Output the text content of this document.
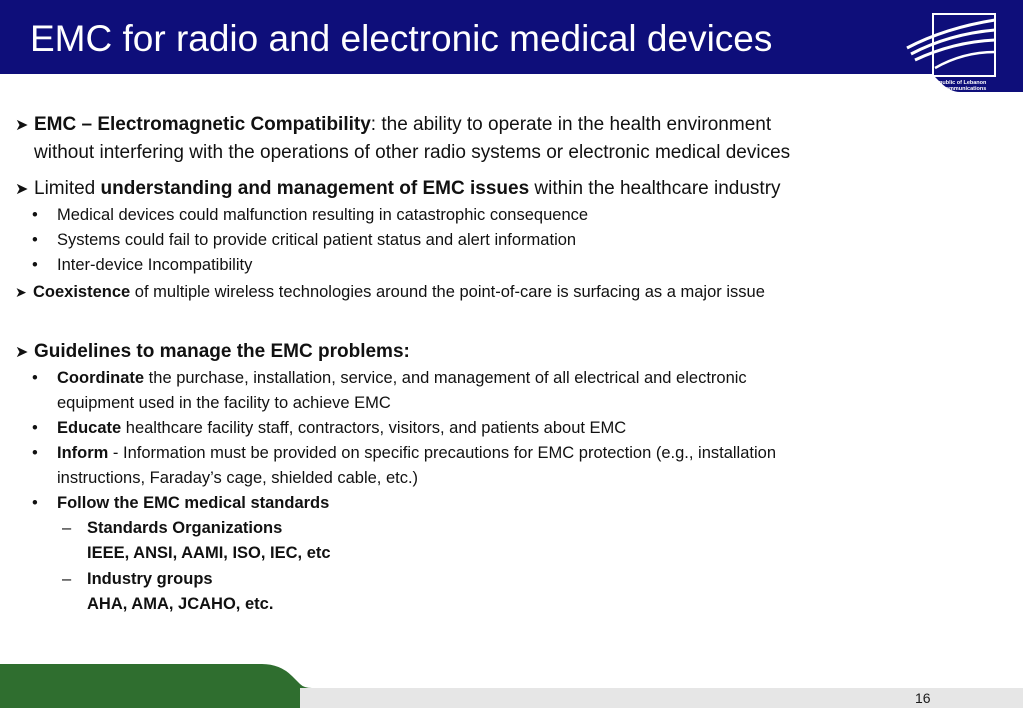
EMC for radio and electronic medical devices
Republic of Lebanon
Telecommunications
Regulatory Authority
➤ EMC – Electromagnetic Compatibility: the ability to operate in the health environment
without interfering with the operations of other radio systems or electronic medical devices
➤ Limited understanding and management of EMC issues within the healthcare industry
• Medical devices could malfunction resulting in catastrophic consequence
• Systems could fail to provide critical patient status and alert information
• Inter-device Incompatibility
➤ Coexistence of multiple wireless technologies around the point-of-care is surfacing as a major issue
➤ Guidelines to manage the EMC problems:
• Coordinate the purchase, installation, service, and management of all electrical and electronic
equipment used in the facility to achieve EMC
• Educate healthcare facility staff, contractors, visitors, and patients about EMC
• Inform - Information must be provided on specific precautions for EMC protection (e.g., installation
instructions, Faraday’s cage, shielded cable, etc.)
• Follow the EMC medical standards
– Standards Organizations
IEEE, ANSI, AAMI, ISO, IEC, etc
– Industry groups
AHA, AMA, JCAHO, etc.
16
